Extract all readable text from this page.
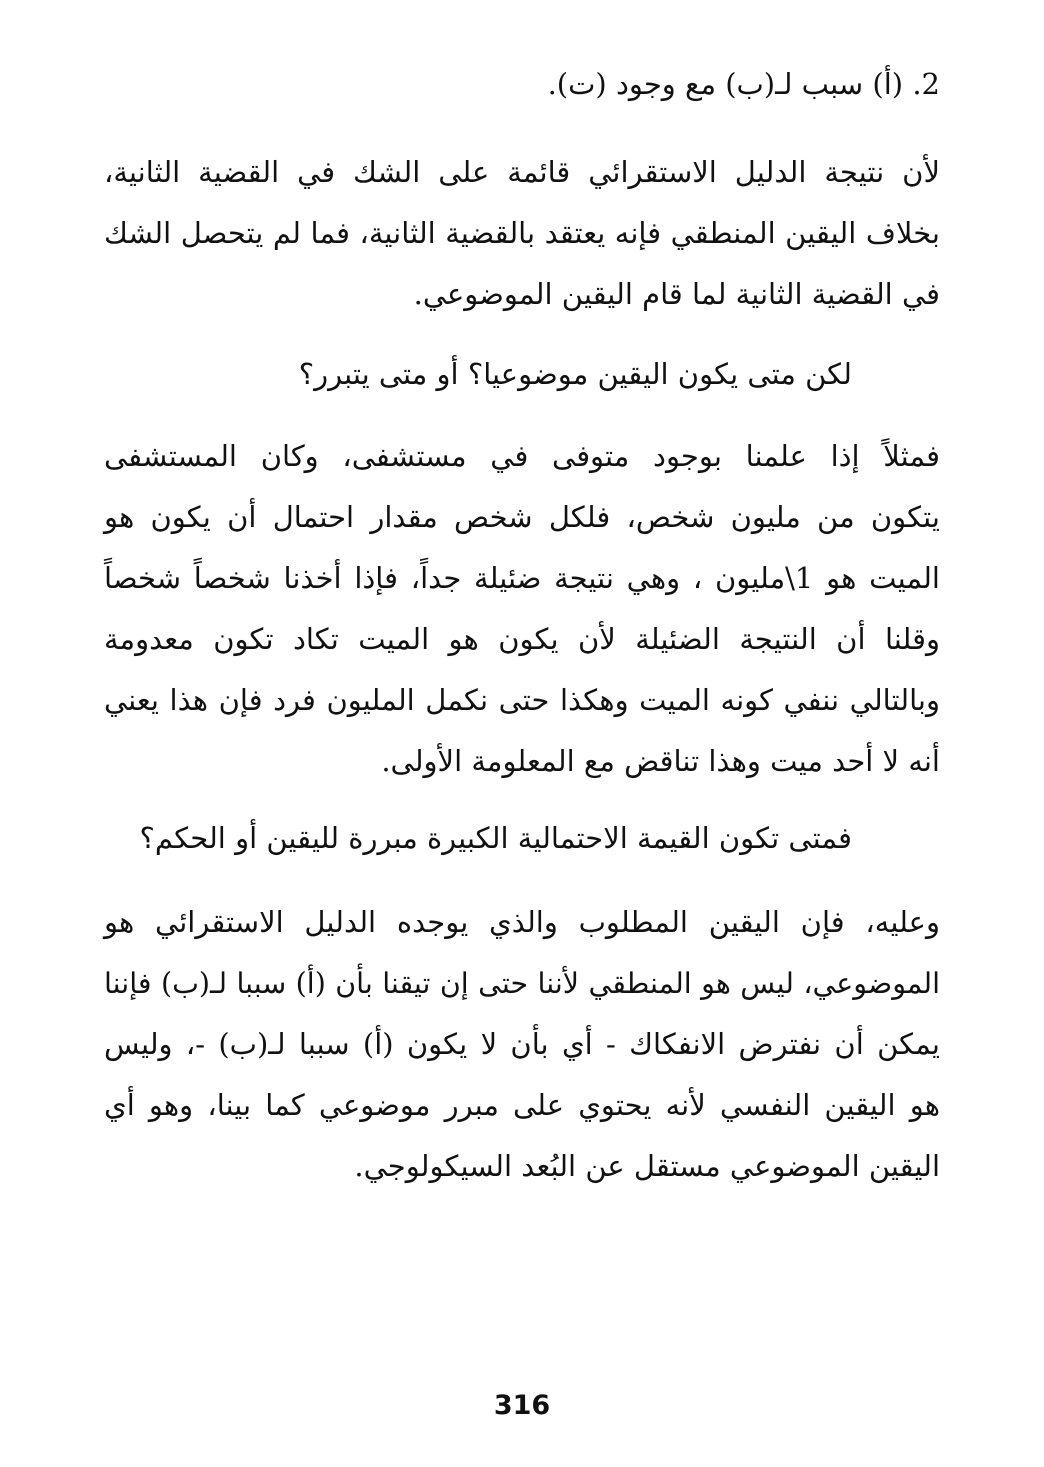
2. (أ) سبب لـ(ب) مع وجود (ت).

لأن نتيجة الدليل الاستقرائي قائمة على الشك في القضية الثانية،
بخلاف اليقين المنطقي فإنه يعتقد بالقضية الثانية، فما لم يتحصل الشك
في القضية الثانية لما قام اليقين الموضوعي.

لكن متى يكون اليقين موضوعيا؟ أو متى يتبرر؟

فمثلاً إذا علمنا بوجود متوفى في مستشفى، وكان المستشفى
يتكون من مليون شخص، فلكل شخص مقدار احتمال أن يكون هو
الميت هو 1\مليون ، وهي نتيجة ضئيلة جداً، فإذا أخذنا شخصاً شخصاً
وقلنا أن النتيجة الضئيلة لأن يكون هو الميت تكاد تكون معدومة
وبالتالي ننفي كونه الميت وهكذا حتى نكمل المليون فرد فإن هذا يعني
أنه لا أحد ميت وهذا تناقض مع المعلومة الأولى.

فمتى تكون القيمة الاحتمالية الكبيرة مبررة لليقين أو الحكم؟

وعليه، فإن اليقين المطلوب والذي يوجده الدليل الاستقرائي هو
الموضوعي، ليس هو المنطقي لأننا حتى إن تيقنا بأن (أ) سببا لـ(ب) فإننا
يمكن أن نفترض الانفكاك - أي بأن لا يكون (أ) سببا لـ(ب) -، وليس
هو اليقين النفسي لأنه يحتوي على مبرر موضوعي كما بينا، وهو أي
اليقين الموضوعي مستقل عن البُعد السيكولوجي.
316
